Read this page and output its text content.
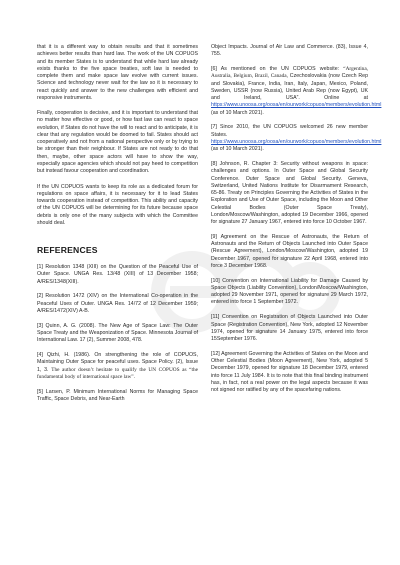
that it is a different way to obtain results and that it sometimes achieves better results than hard law. The work of the UN COPUOS and its member States is to understand that while hard law already exists thanks to the five space treaties, soft law is needed to complete them and make space law evolve with current issues. Science and technology never wait for the law so it is necessary to react quickly and answer to the new challenges with efficient and responsive instruments.

Finally, cooperation is decisive, and it is important to understand that no matter how effective or good, or how fast law can react to space evolution, if States do not have the will to react and to anticipate, it is clear that any regulation would be doomed to fail. States should act cooperatively and not from a national perspective only or by trying to be stronger than their neighbour. If States are not ready to do that then, maybe, other space actors will have to show the way, especially space agencies which should not pay heed to competition but instead favour cooperation and coordination.

If the UN COPUOS wants to keep its role as a dedicated forum for regulations on space affairs, it is necessary for it to lead States towards cooperation instead of competition. This ability and capacity of the UN COPUOS will be determining for its future because space debris is only one of the many subjects with which the Committee should deal.

REFERENCES

[1] Resolution 1348 (XIII) on the Question of the Peaceful Use of Outer Space. UNGA Res. 13/48 (XIII) of 13 December 1958; A/RES/1348(XIII).

[2] Resolution 1472 (XIV) on the International Co-operation in the Peaceful Uses of Outer. UNGA Res. 14/72 of 12 December 1959; A/RES/1472(XIV) A-B.

[3] Quinn, A. G. (2008). The New Age of Space Law: The Outer Space Treaty and the Weaponization of Space. Minnesota Journal of International Law. 17 (2), Summer 2008, 478.

[4] Qizhi, H. (1986). On strengthening the role of COPUOS, Maintaining Outer Space for peaceful uses. Space Policy. (2), Issue 1, 3. The author doesn’t hesitate to qualify the UN COPUOS as “the fundamental body of international space law”.

[5] Larsen, P. Minimum International Norms for Managing Space Traffic, Space Debris, and Near-Earth

Object Impacts. Journal of Air Law and Commerce. (83), Issue 4, 755.

[6] As mentioned on the UN COPUOS website: “Argentina, Australia, Belgium, Brazil, Canada, Czechoslovakia (now Czech Rep and Slovakia), France, India, Iran, Italy, Japan, Mexico, Poland, Sweden, USSR (now Russia), United Arab Rep (now Egypt), UK and Ireland, USA”. Online at https://www.unoosa.org/oosa/en/ourwork/copuos/members/evolution.html (as of 10 March 2021).

[7] Since 2010, the UN COPUOS welcomed 26 new member States. https://www.unoosa.org/oosa/en/ourwork/copuos/members/evolution.html (as of 10 March 2021).

[8] Johnson, R. Chapter 3: Security without weapons in space: challenges and options. In Outer Space and Global Security Conference. Outer Space and Global Security. Geneva, Switzerland, United Nations Institute for Disarmament Research, 65-86. Treaty on Principles Governing the Activities of States in the Exploration and Use of Outer Space, including the Moon and Other Celestial Bodies (Outer Space Treaty), London/Moscow/Washington, adopted 19 December 1966, opened for signature 27 January 1967, entered into force 10 October 1967.

[9] Agreement on the Rescue of Astronauts, the Return of Astronauts and the Return of Objects Launched into Outer Space (Rescue Agreement), London/Moscow/Washington, adopted 19 December 1967, opened for signature 22 April 1968, entered into force 3 December 1968.

[10] Convention on International Liability for Damage Caused by Space Objects (Liability Convention), London/Moscow/Washington, adopted 29 November 1971, opened for signature 29 March 1972, entered into force 1 September 1972.

[11] Convention on Registration of Objects Launched into Outer Space (Registration Convention), New York, adopted 12 November 1974, opened for signature 14 January 1975, entered into force 15September 1976.

[12] Agreement Governing the Activities of States on the Moon and Other Celestial Bodies (Moon Agreement), New York, adopted 5 December 1979, opened for signature 18 December 1979, entered into force 11 July 1984. It is to note that this final binding instrument has, in fact, not a real power on the legal aspects because it was not signed nor ratified by any of the spacefaring nations.
